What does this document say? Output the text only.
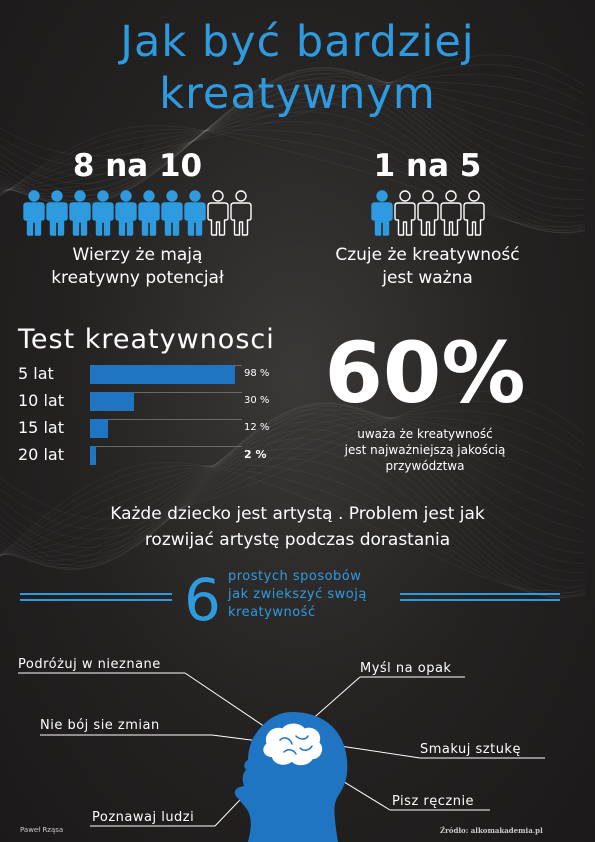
Jak być bardziej
kreatywnym
8 na 10
Wierzy że mają
kreatywny potencjał
1 na 5
Czuje że kreatywność
jest ważna
Test kreatywnosci
5 lat	98 %
10 lat	30 %
15 lat	12 %
20 lat	2 %
60%
uważa że kreatywność
jest najważniejszą jakością
przywództwa
Każde dziecko jest artystą . Problem jest jak
rozwijać artystę podczas dorastania
6 prostych sposobów
jak zwiekszyć swoją
kreatywność
Podróżuj w nieznane	Myśl na opak
Nie bój sie zmian
Smakuj sztukę
Pisz ręcznie
Poznawaj ludzi
Paweł Rząsa	Źródło: alkomakademia.pl
